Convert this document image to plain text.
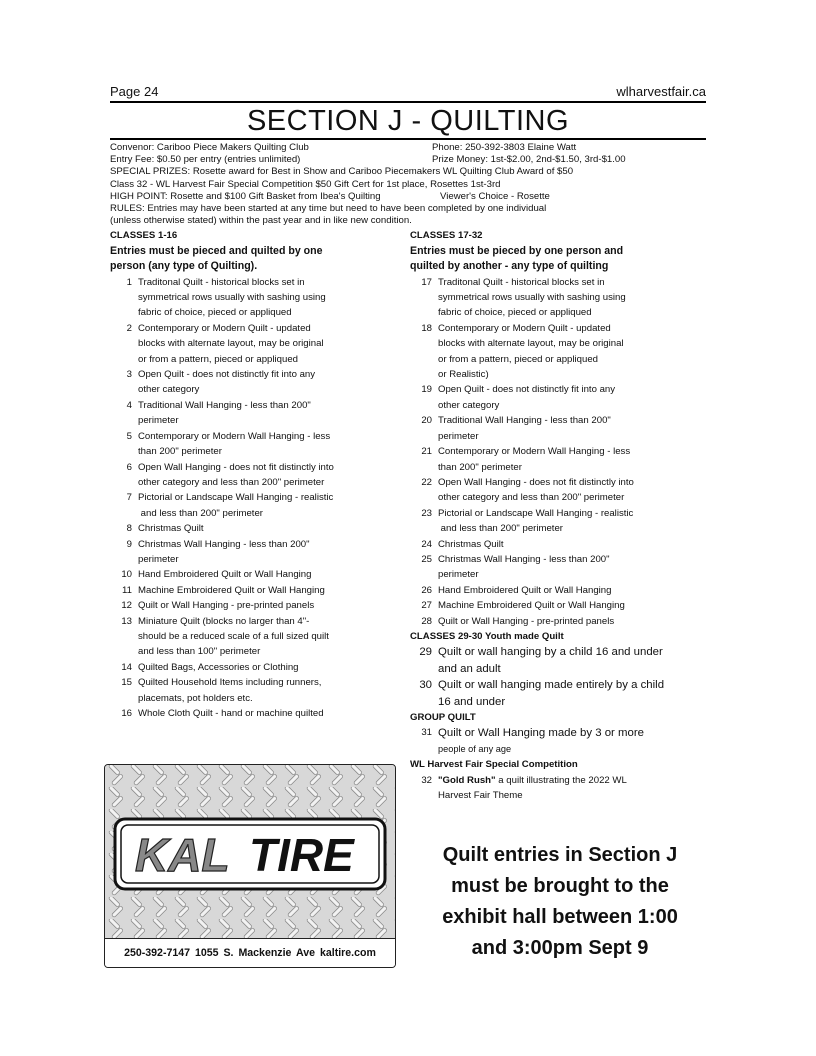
Page 24	wlharvestfair.ca
SECTION J - QUILTING
Convenor: Cariboo Piece Makers Quilting Club	Phone: 250-392-3803 Elaine Watt
Entry Fee: $0.50 per entry (entries unlimited)	Prize Money: 1st-$2.00, 2nd-$1.50, 3rd-$1.00
SPECIAL PRIZES: Rosette award for Best in Show and Cariboo Piecemakers WL Quilting Club Award of $50
Class 32 - WL Harvest Fair Special Competition $50 Gift Cert for 1st place, Rosettes 1st-3rd
HIGH POINT: Rosette and $100 Gift Basket from Ibea's Quilting	Viewer's Choice - Rosette
RULES: Entries may have been started at any time but need to have been completed by one individual
(unless otherwise stated) within the past year and in like new condition.
CLASSES 1-16
Entries must be pieced and quilted by one
person (any type of Quilting).
1 Traditonal Quilt - historical blocks set in
symmetrical rows usually with sashing using
fabric of choice, pieced or appliqued
2 Contemporary or Modern Quilt - updated
blocks with alternate layout, may be original
or from a pattern, pieced or appliqued
3 Open Quilt - does not distinctly fit into any
other category
4 Traditional Wall Hanging - less than 200"
perimeter
5 Contemporary or Modern Wall Hanging - less
than 200" perimeter
6 Open Wall Hanging - does not fit distinctly into
other category and less than 200" perimeter
7 Pictorial or Landscape Wall Hanging - realistic
and less than 200" perimeter
8 Christmas Quilt
9 Christmas Wall Hanging - less than 200"
perimeter
10 Hand Embroidered Quilt or Wall Hanging
11 Machine Embroidered Quilt or Wall Hanging
12 Quilt or Wall Hanging - pre-printed panels
13 Miniature Quilt (blocks no larger than 4"-
should be a reduced scale of a full sized quilt
and less than 100" perimeter
14 Quilted Bags, Accessories or Clothing
15 Quilted Household Items including runners,
placemats, pot holders etc.
16 Whole Cloth Quilt - hand or machine quilted
CLASSES 17-32
Entries must be pieced by one person and
quilted by another - any type of quilting
17 Traditonal Quilt - historical blocks set in
symmetrical rows usually with sashing using
fabric of choice, pieced or appliqued
18 Contemporary or Modern Quilt - updated
blocks with alternate layout, may be original
or from a pattern, pieced or appliqued
or Realistic)
19 Open Quilt - does not distinctly fit into any
other category
20 Traditional Wall Hanging - less than 200"
perimeter
21 Contemporary or Modern Wall Hanging - less
than 200" perimeter
22 Open Wall Hanging - does not fit distinctly into
other category and less than 200" perimeter
23 Pictorial or Landscape Wall Hanging - realistic
and less than 200" perimeter
24 Christmas Quilt
25 Christmas Wall Hanging - less than 200"
perimeter
26 Hand Embroidered Quilt or Wall Hanging
27 Machine Embroidered Quilt or Wall Hanging
28 Quilt or Wall Hanging - pre-printed panels
CLASSES 29-30 Youth made Quilt
29 Quilt or wall hanging by a child 16 and under
and an adult
30 Quilt or wall hanging made entirely by a child
16 and under
GROUP QUILT
31 Quilt or Wall Hanging made by 3 or more
people of any age
WL Harvest Fair Special Competition
32 "Gold Rush" a quilt illustrating the 2022 WL
Harvest Fair Theme
KAL TIRE
250-392-7147 1055 S. Mackenzie Ave kaltire.com
Quilt entries in Section J
must be brought to the
exhibit hall between 1:00
and 3:00pm Sept 9
